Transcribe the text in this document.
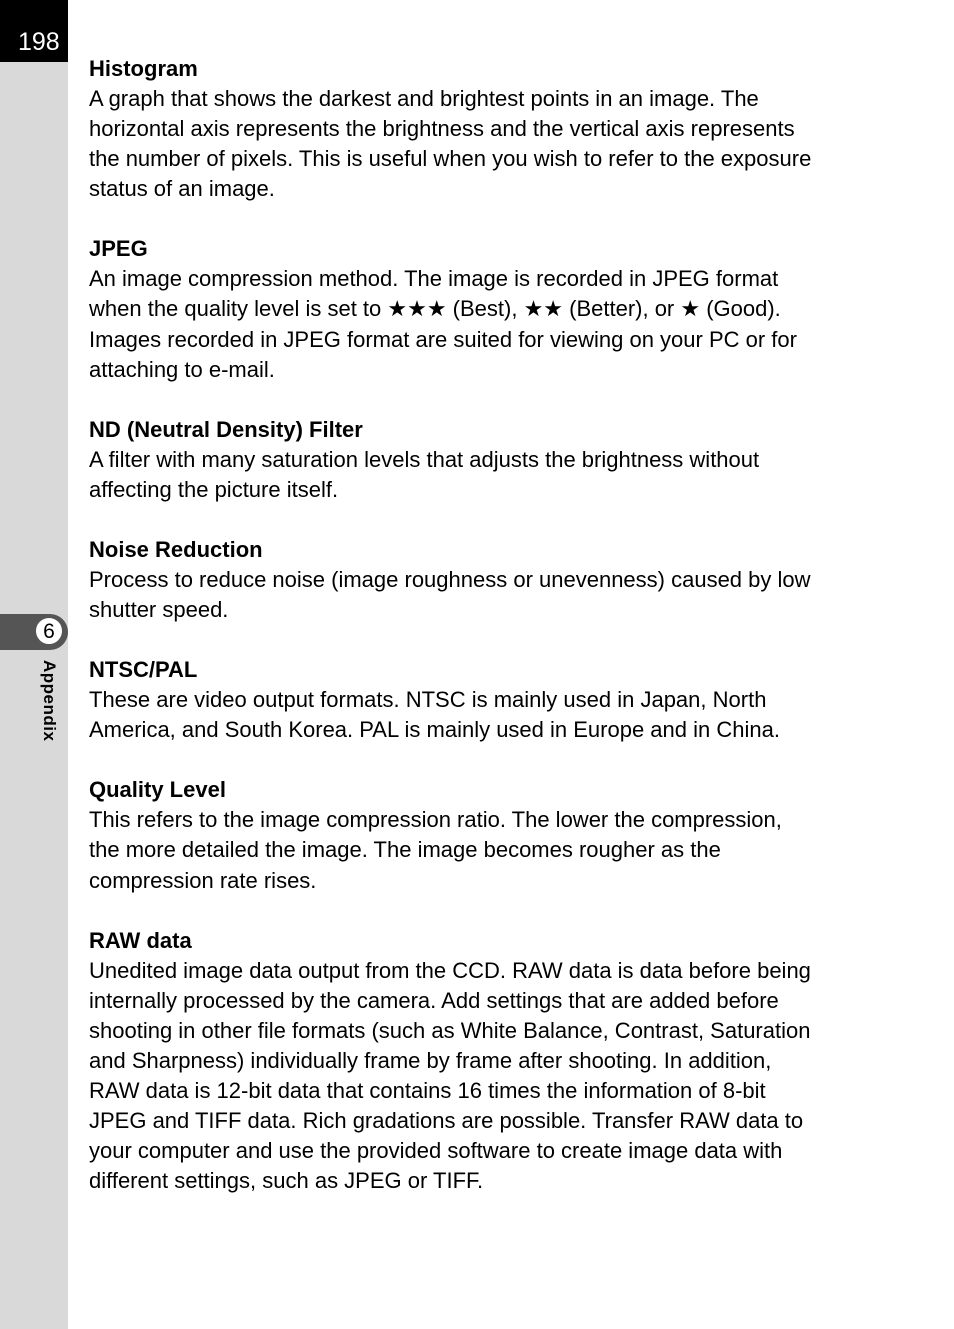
198
6
Appendix

Histogram

A graph that shows the darkest and brightest points in an image. The
horizontal axis represents the brightness and the vertical axis represents
the number of pixels. This is useful when you wish to refer to the exposure
status of an image.

JPEG

An image compression method. The image is recorded in JPEG format
when the quality level is set to ★★★ (Best), ★★ (Better), or ★ (Good).
Images recorded in JPEG format are suited for viewing on your PC or for
attaching to e-mail.

ND (Neutral Density) Filter

A filter with many saturation levels that adjusts the brightness without
affecting the picture itself.

Noise Reduction

Process to reduce noise (image roughness or unevenness) caused by low
shutter speed.

NTSC/PAL

These are video output formats. NTSC is mainly used in Japan, North
America, and South Korea. PAL is mainly used in Europe and in China.

Quality Level

This refers to the image compression ratio. The lower the compression,
the more detailed the image. The image becomes rougher as the
compression rate rises.

RAW data

Unedited image data output from the CCD. RAW data is data before being
internally processed by the camera. Add settings that are added before
shooting in other file formats (such as White Balance, Contrast, Saturation
and Sharpness) individually frame by frame after shooting. In addition,
RAW data is 12-bit data that contains 16 times the information of 8-bit
JPEG and TIFF data. Rich gradations are possible. Transfer RAW data to
your computer and use the provided software to create image data with
different settings, such as JPEG or TIFF.
